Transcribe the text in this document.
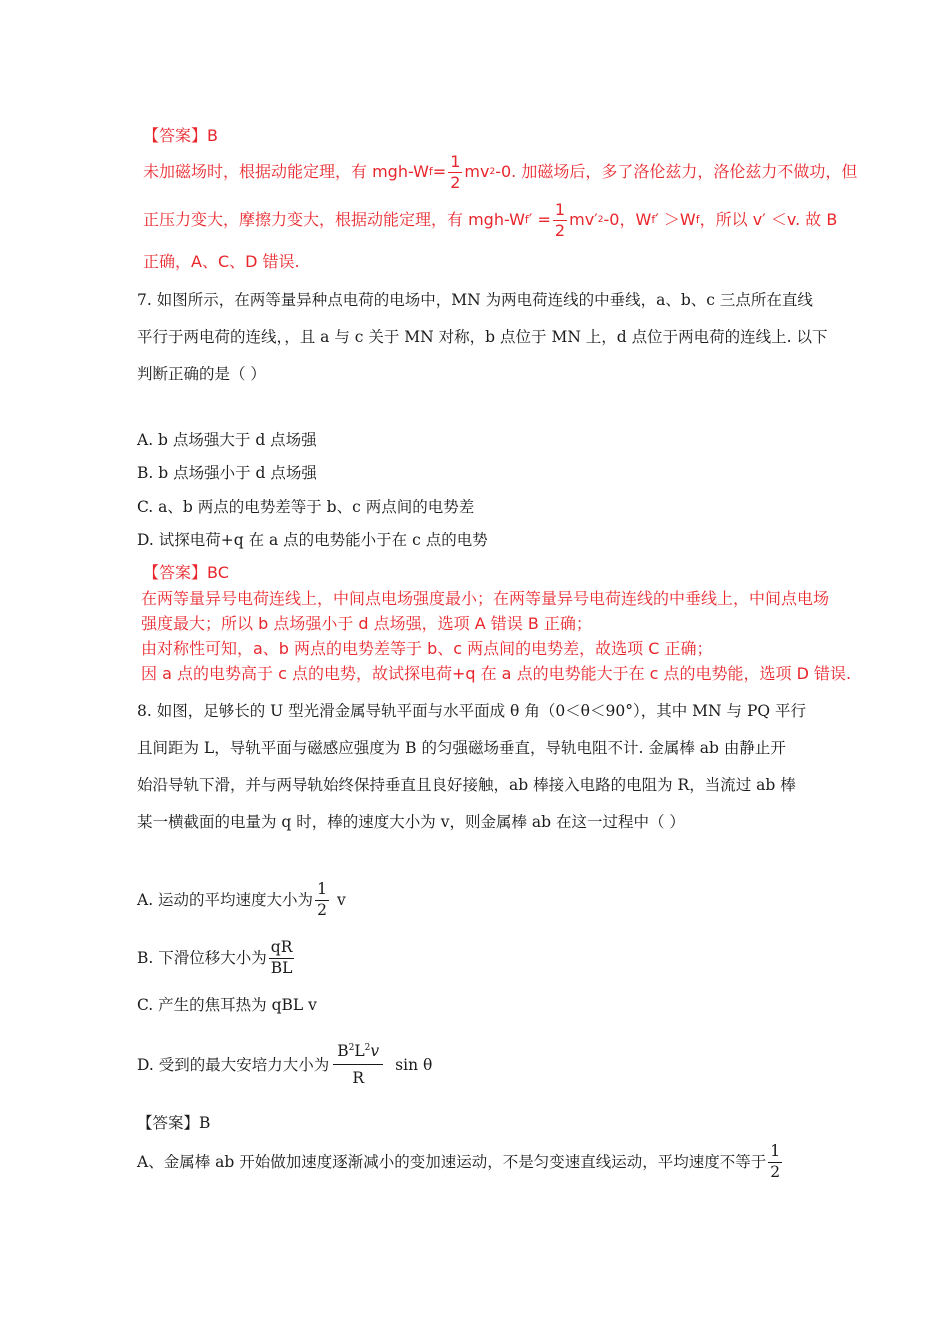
【答案】B
未加磁场时，根据动能定理，有 mgh-W $f = \frac{1}{2}$ mv 2 -0. 加磁场后，多了洛伦兹力，洛伦兹力不做功，但
正压力变大，摩擦力变大，根据动能定理，有 mgh-W f ′ = $\frac{1}{2} mv'$ 2 -0，W f ′ ＞W f ，所以 v′ ＜v. 故 B
正确，A、C、D 错误.
7. 如图所示，在两等量异种点电荷的电场中，MN 为两电荷连线的中垂线，a、b、c 三点所在直线
平行于两电荷的连线，，且 a 与 c 关于 MN 对称，b 点位于 MN 上，d 点位于两电荷的连线上. 以下
判断正确的是（ ）
A. b 点场强大于 d 点场强
B. b 点场强小于 d 点场强
C. a、b 两点的电势差等于 b、c 两点间的电势差
D. 试探电荷+q 在 a 点的电势能小于在 c 点的电势
【答案】BC
在两等量异号电荷连线上，中间点电场强度最小；在两等量异号电荷连线的中垂线上，中间点电场
强度最大；所以 b 点场强小于 d 点场强，选项 A 错误 B 正确；
由对称性可知，a、b 两点的电势差等于 b、c 两点间的电势差，故选项 C 正确；
因 a 点的电势高于 c 点的电势，故试探电荷+q 在 a 点的电势能大于在 c 点的电势能，选项 D 错误.
8. 如图，足够长的 U 型光滑金属导轨平面与水平面成 θ 角（0＜θ＜90°），其中 MN 与 PQ 平行
且间距为 L，导轨平面与磁感应强度为 B 的匀强磁场垂直，导轨电阻不计. 金属棒 ab 由静止开
始沿导轨下滑，并与两导轨始终保持垂直且良好接触，ab 棒接入电路的电阻为 R，当流过 ab 棒
某一横截面的电量为 q 时，棒的速度大小为 v，则金属棒 ab 在这一过程中（ ）
A. 运动的平均速度大小为 $\frac{1}{2}$ v
B. 下滑位移大小为 $\frac{qR}{BL}$
C. 产生的焦耳热为 qBL v
D. 受到的最大安培力大小为 $\frac{B^2L^2v}{R}$ sin θ
【答案】B
A、金属棒 ab 开始做加速度逐渐减小的变加速运动，不是匀变速直线运动，平均速度不等于 $\frac{1}{2}$
